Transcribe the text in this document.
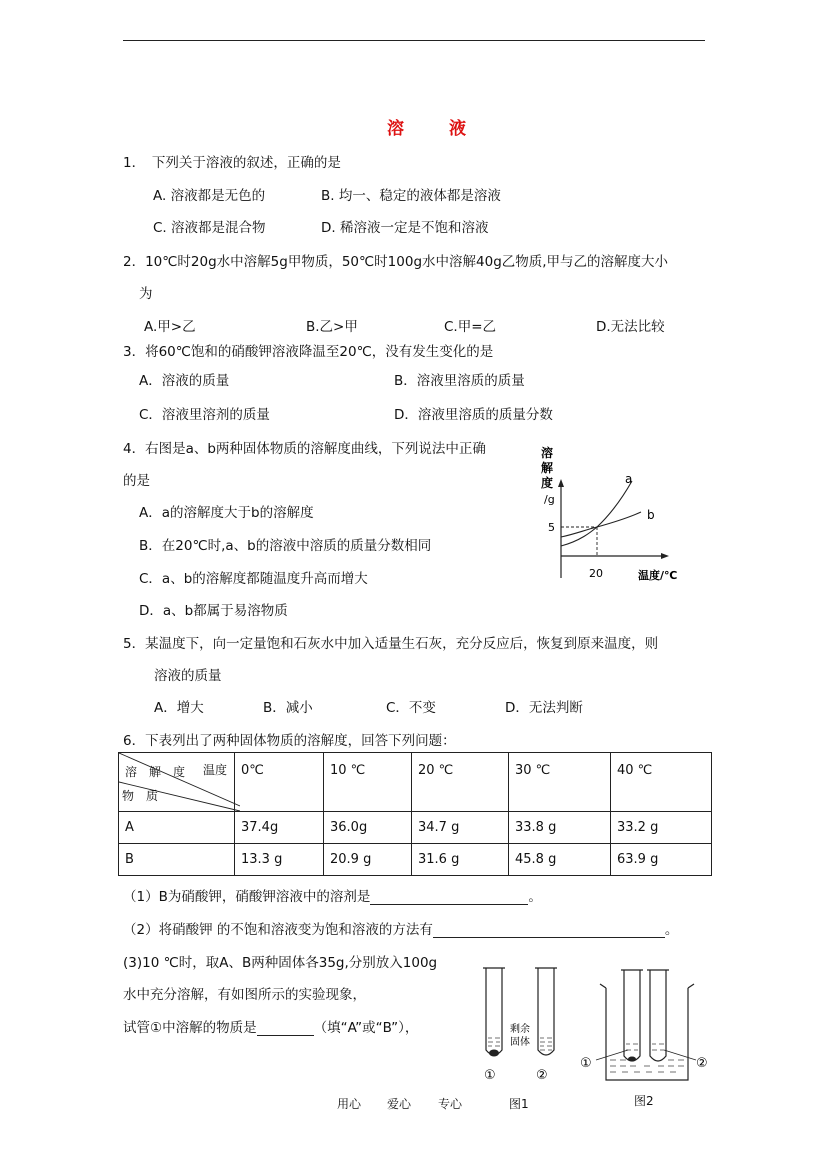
溶　液
1．　下列关于溶液的叙述，正确的是
A. 溶液都是无色的	B. 均一、稳定的液体都是溶液
C. 溶液都是混合物	D. 稀溶液一定是不饱和溶液
2．10℃时20g水中溶解5g甲物质，50℃时100g水中溶解40g乙物质,甲与乙的溶解度大小
为
A.甲>乙	B.乙>甲	C.甲=乙	D.无法比较
3．将60℃饱和的硝酸钾溶液降温至20℃，没有发生变化的是
A．溶液的质量	B．溶液里溶质的质量
C．溶液里溶剂的质量	D．溶液里溶质的质量分数
4．右图是a、b两种固体物质的溶解度曲线，下列说法中正确
的是
A．a的溶解度大于b的溶解度
B．在20℃时,a、b的溶液中溶质的质量分数相同
C．a、b的溶解度都随温度升高而增大
D．a、b都属于易溶物质
溶
解
度
/g
5
20	温度/℃
a
b
5．某温度下，向一定量饱和石灰水中加入适量生石灰，充分反应后，恢复到原来温度，则
溶液的质量
A．增大	B．减小	C．不变	D．无法判断
6．下表列出了两种固体物质的溶解度，回答下列问题：
溶　解　度 温度
物　质	0℃	10 ℃	20 ℃	30 ℃	40 ℃
A	37.4g	36.0g	34.7 g	33.8 g	33.2 g
B	13.3 g	20.9 g	31.6 g	45.8 g	63.9 g
（1）B为硝酸钾，硝酸钾溶液中的溶剂是	。
（2）将硝酸钾 的不饱和溶液变为饱和溶液的方法有	。
(3)10 ℃时，取A、B两种固体各35g,分别放入100g
水中充分溶解，有如图所示的实验现象，
试管①中溶解的物质是	（填“A”或“B”），	剩余
固体
①	②
①	②
用心 爱心 专心	图1	图2
